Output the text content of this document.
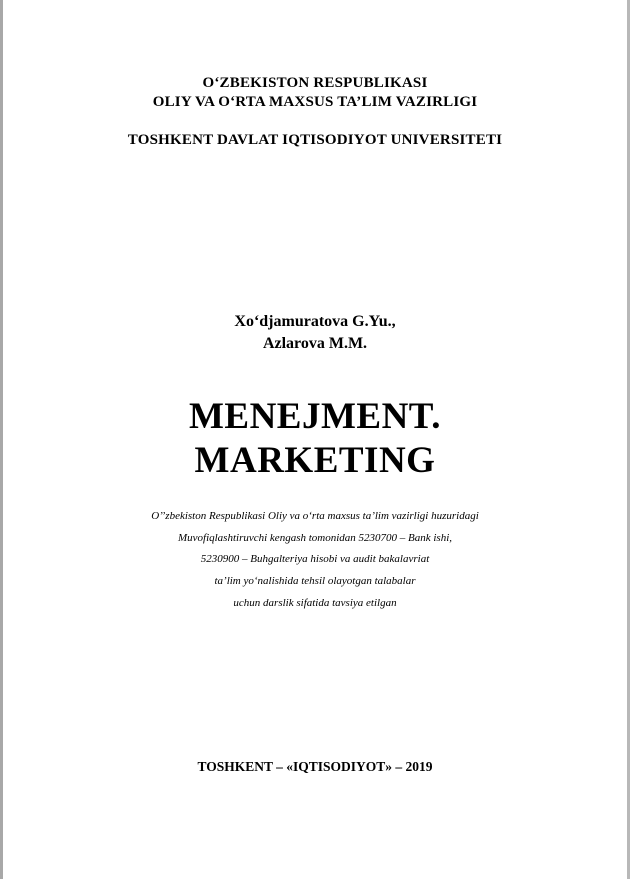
O‘ZBEKISTON RESPUBLIKASI
OLIY VA O‘RTA MAXSUS TA’LIM VAZIRLIGI
TOSHKENT DAVLAT IQTISODIYOT UNIVERSITETI
Xo‘djamuratova G.Yu.,
Azlarova M.M.
MENEJMENT.
MARKETING
O’’zbekiston Respublikasi Oliy va o‘rta maxsus ta’lim vazirligi huzuridagi
Muvofiqlashtiruvchi kengash tomonidan 5230700 – Bank ishi,
5230900 – Buhgalteriya hisobi va audit bakalavriat
ta’lim yo‘nalishida tehsil olayotgan talabalar
uchun darslik sifatida tavsiya etilgan
TOSHKENT – «IQTISODIYOT» – 2019
